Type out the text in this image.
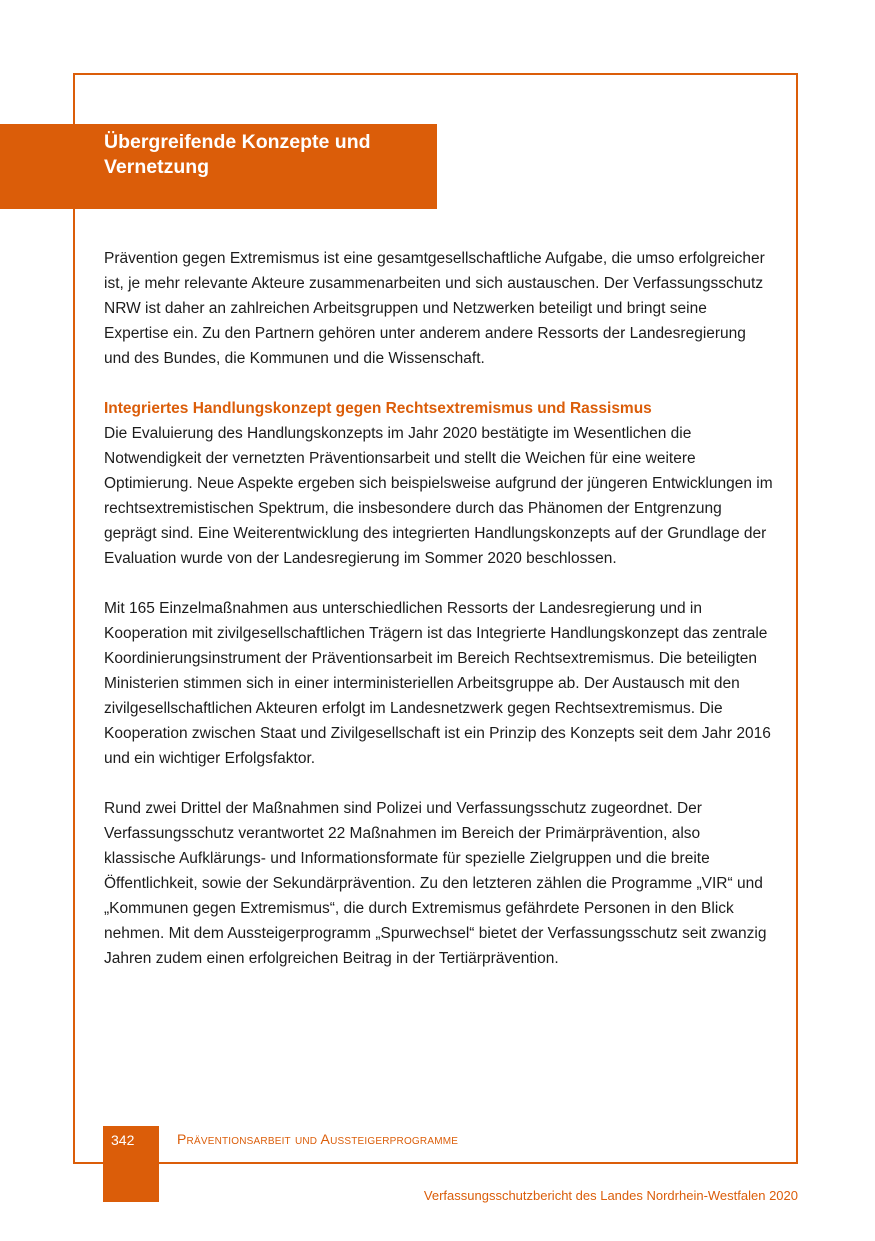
Übergreifende Konzepte und
Vernetzung

Prävention gegen Extremismus ist eine gesamtgesellschaftliche Aufgabe, die umso erfolgreicher ist, je mehr relevante Akteure zusammenarbeiten und sich austauschen. Der Verfassungsschutz NRW ist daher an zahlreichen Arbeitsgruppen und Netzwerken beteiligt und bringt seine Expertise ein. Zu den Partnern gehören unter anderem andere Ressorts der Landesregierung und des Bundes, die Kommunen und die Wissenschaft.

Integriertes Handlungskonzept gegen Rechtsextremismus und Rassismus

Die Evaluierung des Handlungskonzepts im Jahr 2020 bestätigte im Wesentlichen die Notwendigkeit der vernetzten Präventionsarbeit und stellt die Weichen für eine weitere Optimierung. Neue Aspekte ergeben sich beispielsweise aufgrund der jüngeren Entwicklungen im rechtsextremistischen Spektrum, die insbesondere durch das Phänomen der Entgrenzung geprägt sind. Eine Weiterentwicklung des integrierten Handlungskonzepts auf der Grundlage der Evaluation wurde von der Landesregierung im Sommer 2020 beschlossen.

Mit 165 Einzelmaßnahmen aus unterschiedlichen Ressorts der Landesregierung und in Kooperation mit zivilgesellschaftlichen Trägern ist das Integrierte Handlungskonzept das zentrale Koordinierungsinstrument der Präventionsarbeit im Bereich Rechtsextremismus. Die beteiligten Ministerien stimmen sich in einer interministeriellen Arbeitsgruppe ab. Der Austausch mit den zivilgesellschaftlichen Akteuren erfolgt im Landesnetzwerk gegen Rechtsextremismus. Die Kooperation zwischen Staat und Zivilgesellschaft ist ein Prinzip des Konzepts seit dem Jahr 2016 und ein wichtiger Erfolgsfaktor.

Rund zwei Drittel der Maßnahmen sind Polizei und Verfassungsschutz zugeordnet. Der Verfassungsschutz verantwortet 22 Maßnahmen im Bereich der Primärprävention, also klassische Aufklärungs- und Informationsformate für spezielle Zielgruppen und die breite Öffentlichkeit, sowie der Sekundärprävention. Zu den letzteren zählen die Programme „VIR“ und „Kommunen gegen Extremismus“, die durch Extremismus gefährdete Personen in den Blick nehmen. Mit dem Aussteigerprogramm „Spurwechsel“ bietet der Verfassungsschutz seit zwanzig Jahren zudem einen erfolgreichen Beitrag in der Tertiärprävention.

342	Präventionsarbeit und Aussteigerprogramme
Verfassungsschutzbericht des Landes Nordrhein-Westfalen 2020
